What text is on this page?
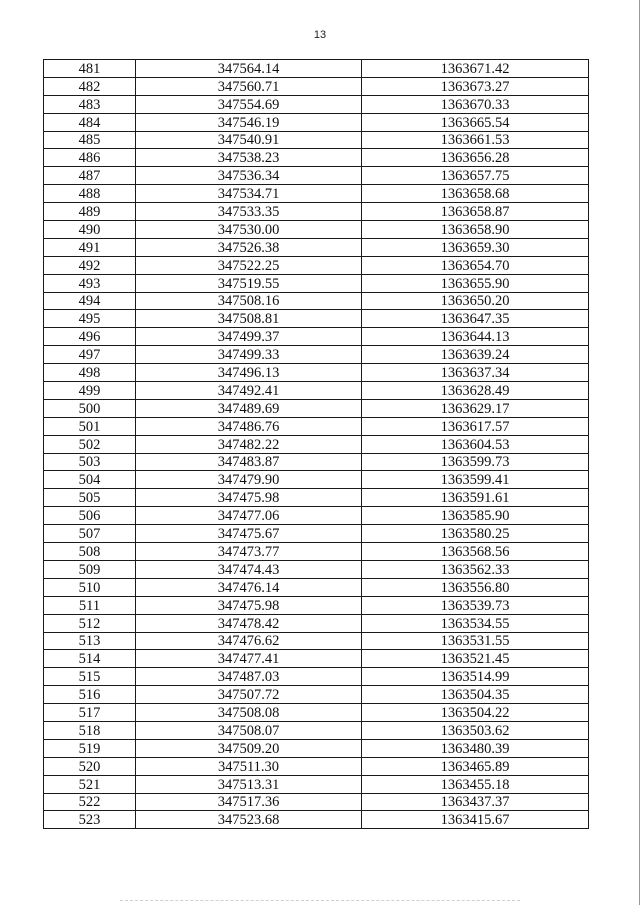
13
481	347564.14	1363671.42
482	347560.71	1363673.27
483	347554.69	1363670.33
484	347546.19	1363665.54
485	347540.91	1363661.53
486	347538.23	1363656.28
487	347536.34	1363657.75
488	347534.71	1363658.68
489	347533.35	1363658.87
490	347530.00	1363658.90
491	347526.38	1363659.30
492	347522.25	1363654.70
493	347519.55	1363655.90
494	347508.16	1363650.20
495	347508.81	1363647.35
496	347499.37	1363644.13
497	347499.33	1363639.24
498	347496.13	1363637.34
499	347492.41	1363628.49
500	347489.69	1363629.17
501	347486.76	1363617.57
502	347482.22	1363604.53
503	347483.87	1363599.73
504	347479.90	1363599.41
505	347475.98	1363591.61
506	347477.06	1363585.90
507	347475.67	1363580.25
508	347473.77	1363568.56
509	347474.43	1363562.33
510	347476.14	1363556.80
511	347475.98	1363539.73
512	347478.42	1363534.55
513	347476.62	1363531.55
514	347477.41	1363521.45
515	347487.03	1363514.99
516	347507.72	1363504.35
517	347508.08	1363504.22
518	347508.07	1363503.62
519	347509.20	1363480.39
520	347511.30	1363465.89
521	347513.31	1363455.18
522	347517.36	1363437.37
523	347523.68	1363415.67
